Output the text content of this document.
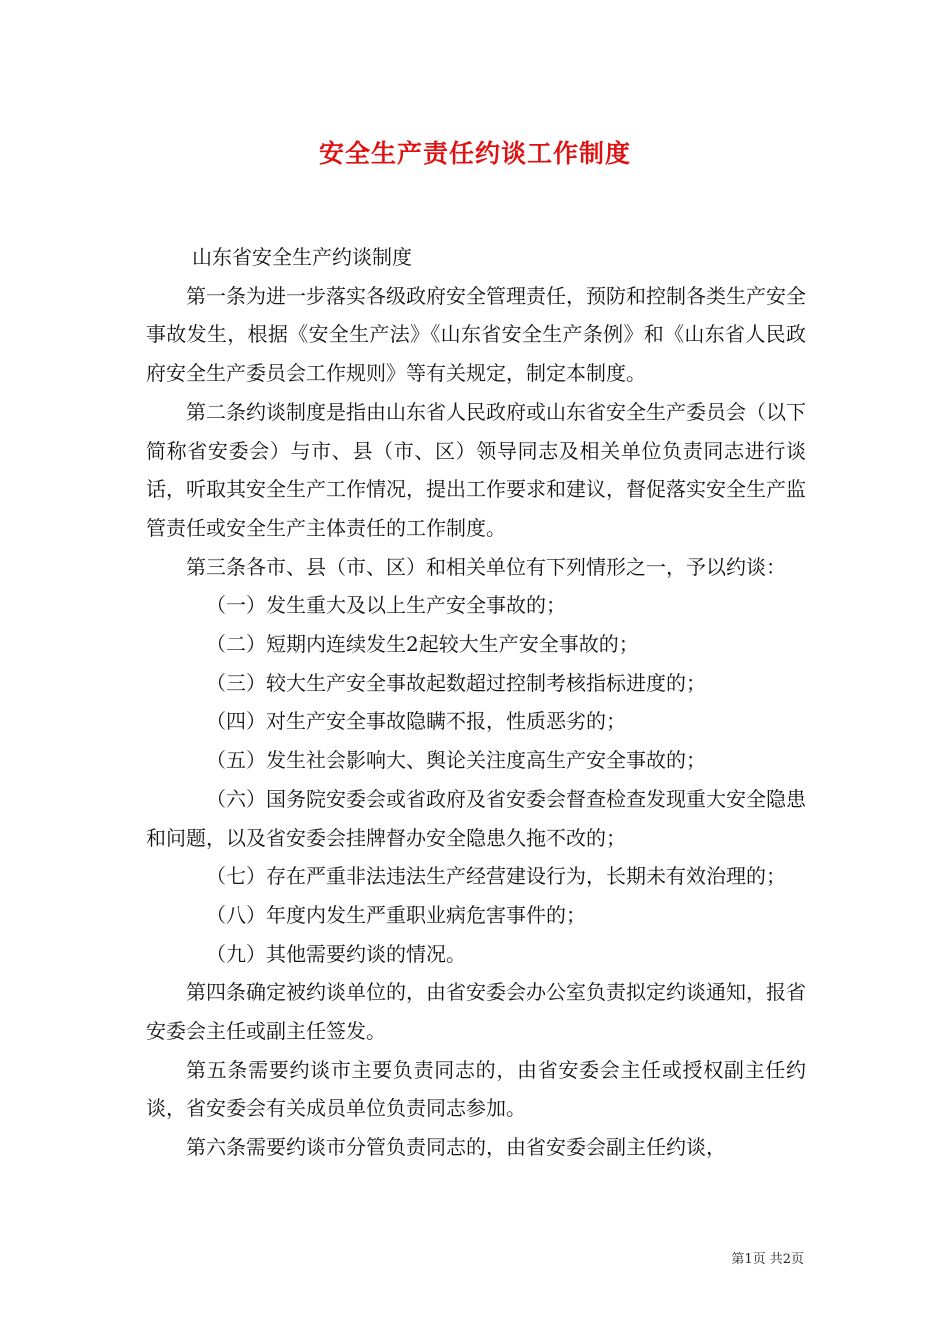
安全生产责任约谈工作制度

山东省安全生产约谈制度

第一条为进一步落实各级政府安全管理责任，预防和控制各类生产安全事故发生，根据《安全生产法》《山东省安全生产条例》和《山东省人民政府安全生产委员会工作规则》等有关规定，制定本制度。

第二条约谈制度是指由山东省人民政府或山东省安全生产委员会（以下简称省安委会）与市、县（市、区）领导同志及相关单位负责同志进行谈话，听取其安全生产工作情况，提出工作要求和建议，督促落实安全生产监管责任或安全生产主体责任的工作制度。

第三条各市、县（市、区）和相关单位有下列情形之一，予以约谈：

（一）发生重大及以上生产安全事故的；

（二）短期内连续发生2起较大生产安全事故的；

（三）较大生产安全事故起数超过控制考核指标进度的；

（四）对生产安全事故隐瞒不报，性质恶劣的；

（五）发生社会影响大、舆论关注度高生产安全事故的；

（六）国务院安委会或省政府及省安委会督查检查发现重大安全隐患和问题，以及省安委会挂牌督办安全隐患久拖不改的；

（七）存在严重非法违法生产经营建设行为，长期未有效治理的；

（八）年度内发生严重职业病危害事件的；

（九）其他需要约谈的情况。

第四条确定被约谈单位的，由省安委会办公室负责拟定约谈通知，报省安委会主任或副主任签发。

第五条需要约谈市主要负责同志的，由省安委会主任或授权副主任约谈，省安委会有关成员单位负责同志参加。

第六条需要约谈市分管负责同志的，由省安委会副主任约谈，

第1页 共2页
